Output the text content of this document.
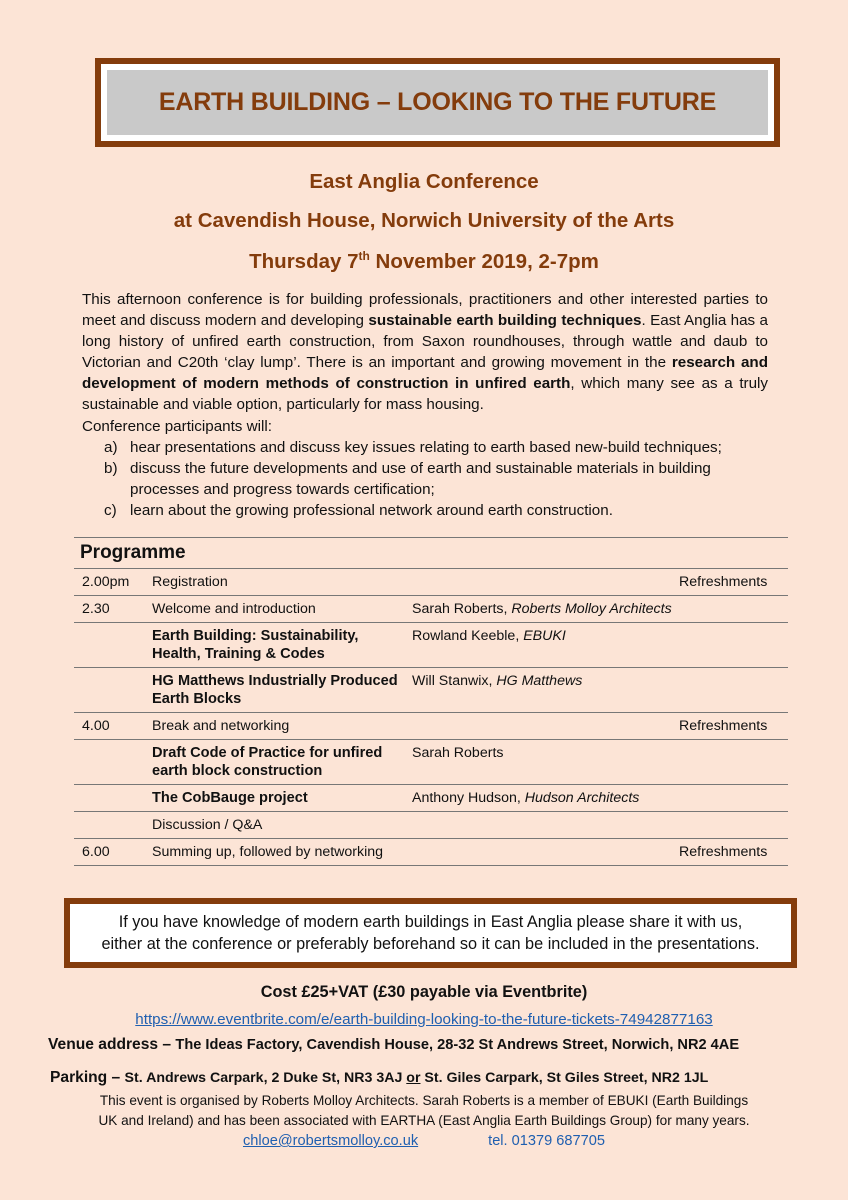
EARTH BUILDING – LOOKING TO THE FUTURE
East Anglia Conference
at Cavendish House, Norwich University of the Arts
Thursday 7th November 2019, 2-7pm
This afternoon conference is for building professionals, practitioners and other interested parties to meet and discuss modern and developing sustainable earth building techniques. East Anglia has a long history of unfired earth construction, from Saxon roundhouses, through wattle and daub to Victorian and C20th ‘clay lump’. There is an important and growing movement in the research and development of modern methods of construction in unfired earth, which many see as a truly sustainable and viable option, particularly for mass housing.
Conference participants will:
a) hear presentations and discuss key issues relating to earth based new-build techniques;
b) discuss the future developments and use of earth and sustainable materials in building processes and progress towards certification;
c) learn about the growing professional network around earth construction.
Programme			
2.00pm	Registration		Refreshments
2.30	Welcome and introduction	Sarah Roberts, Roberts Molloy Architects	
	Earth Building: Sustainability, Health, Training & Codes	Rowland Keeble, EBUKI	
	HG Matthews Industrially Produced Earth Blocks	Will Stanwix, HG Matthews	
4.00	Break and networking		Refreshments
	Draft Code of Practice for unfired earth block construction	Sarah Roberts	
	The CobBauge project	Anthony Hudson, Hudson Architects	
	Discussion / Q&A		
6.00	Summing up, followed by networking		Refreshments
If you have knowledge of modern earth buildings in East Anglia please share it with us, either at the conference or preferably beforehand so it can be included in the presentations.
Cost £25+VAT (£30 payable via Eventbrite)
https://www.eventbrite.com/e/earth-building-looking-to-the-future-tickets-74942877163
Venue address – The Ideas Factory, Cavendish House, 28-32 St Andrews Street, Norwich, NR2 4AE
Parking – St. Andrews Carpark, 2 Duke St, NR3 3AJ or St. Giles Carpark, St Giles Street, NR2 1JL
This event is organised by Roberts Molloy Architects. Sarah Roberts is a member of EBUKI (Earth Buildings
UK and Ireland) and has been associated with EARTHA (East Anglia Earth Buildings Group) for many years.
chloe@robertsmolloy.co.uk	tel. 01379 687705
